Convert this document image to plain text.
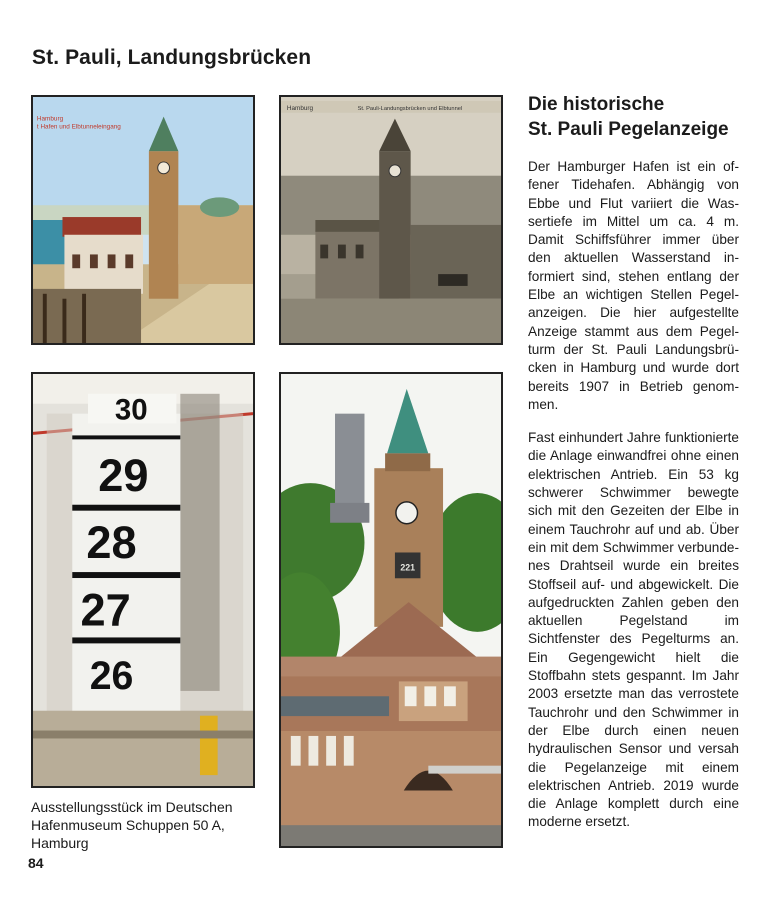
St. Pauli, Landungsbrücken
Hamburg
t Hafen und Elbtunneleingang
Hamburg	St. Pauli-Landungsbrücken und Elbtunnel
30
29
28
27
26
221
Ausstellungsstück im Deutschen Hafenmuseum Schuppen 50 A, Hamburg
84
Die historische
St. Pauli Pegelanzeige

Der Hamburger Hafen ist ein offener Tidehafen. Abhängig von Ebbe und Flut variiert die Wassertiefe im Mittel um ca. 4 m. Damit Schiffsführer immer über den aktuellen Wasserstand informiert sind, stehen entlang der Elbe an wichtigen Stellen Pegelanzeigen. Die hier aufgestellte Anzeige stammt aus dem Pegelturm der St. Pauli Landungsbrücken in Hamburg und wurde dort bereits 1907 in Betrieb genommen.

Fast einhundert Jahre funktionierte die Anlage einwandfrei ohne einen elektrischen Antrieb. Ein 53 kg schwerer Schwimmer bewegte sich mit den Gezeiten der Elbe in einem Tauchrohr auf und ab. Über ein mit dem Schwimmer verbundenes Drahtseil wurde ein breites Stoffseil auf- und abgewickelt. Die aufgedruckten Zahlen geben den aktuellen Pegelstand im Sichtfenster des Pegelturms an. Ein Gegengewicht hielt die Stoffbahn stets gespannt. Im Jahr 2003 ersetzte man das verrostete Tauchrohr und den Schwimmer in der Elbe durch einen neuen hydraulischen Sensor und versah die Pegelanzeige mit einem elektrischen Antrieb. 2019 wurde die Anlage komplett durch eine moderne ersetzt.
